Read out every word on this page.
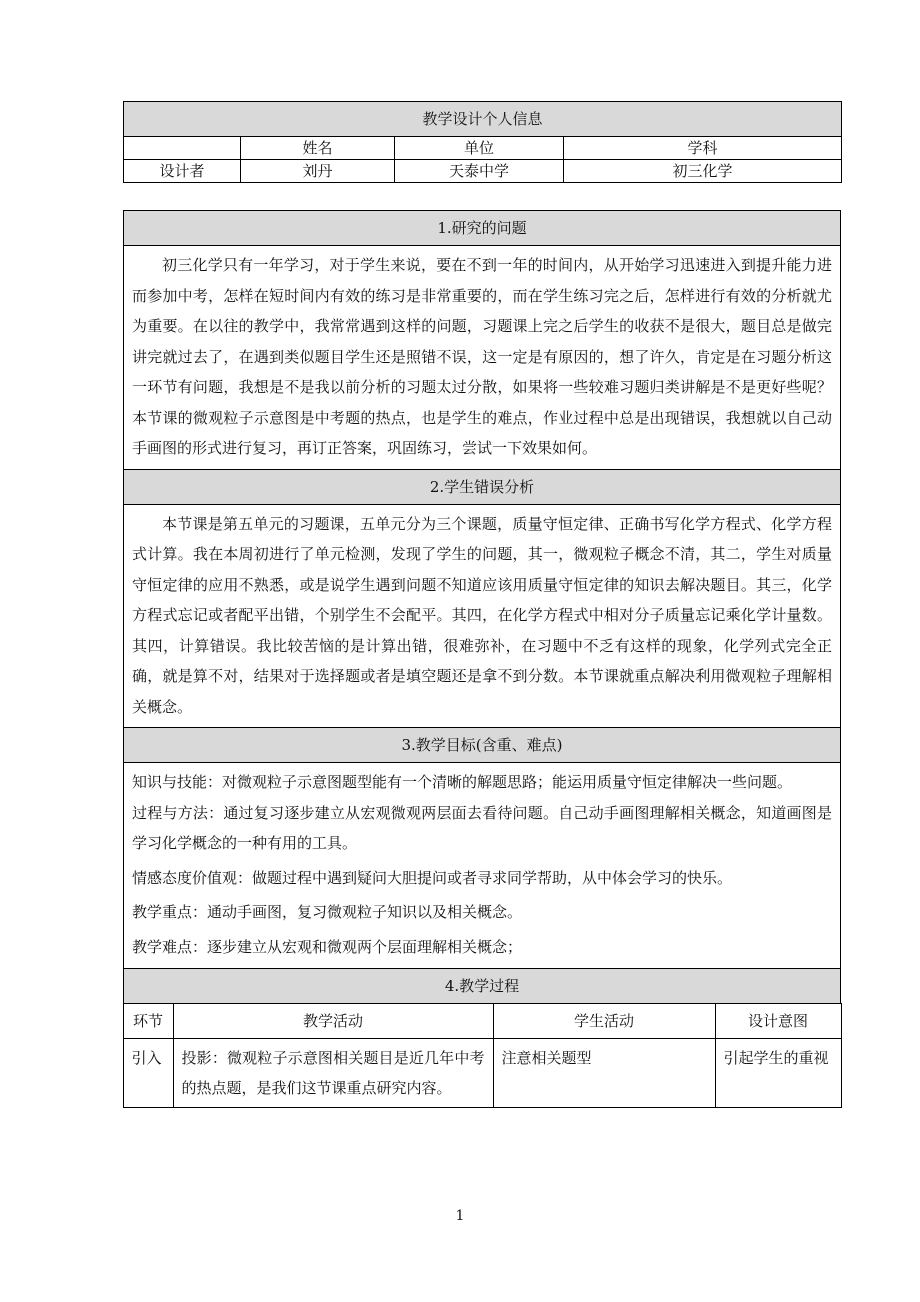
教学设计个人信息			
	姓名	单位	学科
设计者	刘丹	天泰中学	初三化学
1.研究的问题
初三化学只有一年学习，对于学生来说，要在不到一年的时间内，从开始学习迅速进入到提升能力进而参加中考，怎样在短时间内有效的练习是非常重要的，而在学生练习完之后，怎样进行有效的分析就尤为重要。在以往的教学中，我常常遇到这样的问题，习题课上完之后学生的收获不是很大，题目总是做完讲完就过去了，在遇到类似题目学生还是照错不误，这一定是有原因的，想了许久，肯定是在习题分析这一环节有问题，我想是不是我以前分析的习题太过分散，如果将一些较难习题归类讲解是不是更好些呢？本节课的微观粒子示意图是中考题的热点，也是学生的难点，作业过程中总是出现错误，我想就以自己动手画图的形式进行复习，再订正答案，巩固练习，尝试一下效果如何。
2.学生错误分析
本节课是第五单元的习题课，五单元分为三个课题，质量守恒定律、正确书写化学方程式、化学方程式计算。我在本周初进行了单元检测，发现了学生的问题，其一，微观粒子概念不清，其二，学生对质量守恒定律的应用不熟悉，或是说学生遇到问题不知道应该用质量守恒定律的知识去解决题目。其三，化学方程式忘记或者配平出错，个别学生不会配平。其四，在化学方程式中相对分子质量忘记乘化学计量数。其四，计算错误。我比较苦恼的是计算出错，很难弥补，在习题中不乏有这样的现象，化学列式完全正确，就是算不对，结果对于选择题或者是填空题还是拿不到分数。本节课就重点解决利用微观粒子理解相关概念。
3.教学目标(含重、难点)

知识与技能：对微观粒子示意图题型能有一个清晰的解题思路；能运用质量守恒定律解决一些问题。

过程与方法：通过复习逐步建立从宏观微观两层面去看待问题。自己动手画图理解相关概念，知道画图是学习化学概念的一种有用的工具。

情感态度价值观：做题过程中遇到疑问大胆提问或者寻求同学帮助，从中体会学习的快乐。

教学重点：通动手画图，复习微观粒子知识以及相关概念。

教学难点：逐步建立从宏观和微观两个层面理解相关概念；

4.教学过程

环节	教学活动	学生活动	设计意图
引入	投影：微观粒子示意图相关题目是近几年中考的热点题，是我们这节课重点研究内容。	注意相关题型	引起学生的重视
1
